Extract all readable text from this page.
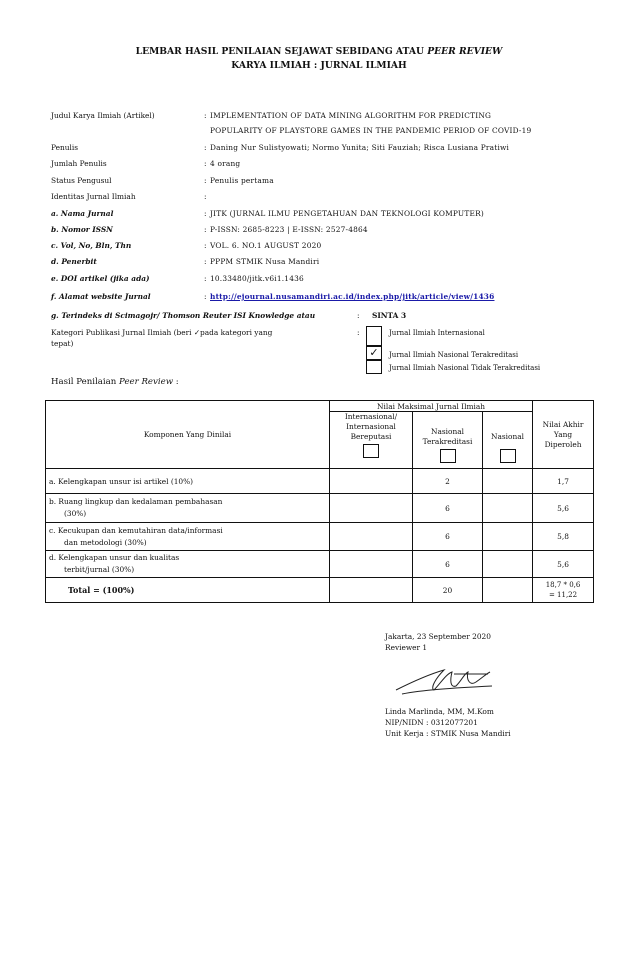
LEMBAR HASIL PENILAIAN SEJAWAT SEBIDANG ATAU PEER REVIEW
KARYA ILMIAH : JURNAL ILMIAH
Judul Karya Ilmiah (Artikel)	: IMPLEMENTATION OF DATA MINING ALGORITHM FOR PREDICTING
POPULARITY OF PLAYSTORE GAMES IN THE PANDEMIC PERIOD OF COVID-19
Penulis	: Daning Nur Sulistyowati; Normo Yunita; Siti Fauziah; Risca Lusiana Pratiwi
Jumlah Penulis	: 4 orang
Status Pengusul	: Penulis pertama
Identitas Jurnal Ilmiah	:
a. Nama Jurnal	: JITK (JURNAL ILMU PENGETAHUAN DAN TEKNOLOGI KOMPUTER)
b. Nomor ISSN	: P-ISSN: 2685-8223 | E-ISSN: 2527-4864
c. Vol, No, Bln, Thn	: VOL. 6. NO.1 AUGUST 2020
d. Penerbit	: PPPM STMIK Nusa Mandiri
e. DOI artikel (jika ada)	: 10.33480/jitk.v6i1.1436
f. Alamat website Jurnal	: http://ejournal.nusamandiri.ac.id/index.php/jitk/article/view/1436
g. Terindeks di Scimagojr/ Thomson Reuter ISI Knowledge atau	: SINTA 3
Kategori Publikasi Jurnal Ilmiah (beri ✓pada kategori yang
tepat)
:	Jurnal Ilmiah Internasional
✓	Jurnal Ilmiah Nasional Terakreditasi
Jurnal Ilmiah Nasional Tidak Terakreditasi
Hasil Penilaian Peer Review :
Komponen Yang Dinilai	Nilai Maksimal Jurnal Ilmiah			Nilai Akhir Yang Diperoleh

	Internasional/ Internasional Bereputasi	Nasional Terakreditasi	Nasional	

a. Kelengkapan unsur isi artikel (10%)		2		1,7

b. Ruang lingkup dan kedalaman pembahasan
(30%)		6		5,6

c. Kecukupan dan kemutahiran data/informasi
dan metodologi (30%)		6		5,8

d. Kelengkapan unsur dan kualitas
terbit/jurnal (30%)		6		5,6
Total = (100%)		20		18,7 * 0,6
= 11,22
Jakarta, 23 September 2020
Reviewer 1
Linda Marlinda, MM, M.Kom
NIP/NIDN : 0312077201
Unit Kerja : STMIK Nusa Mandiri
